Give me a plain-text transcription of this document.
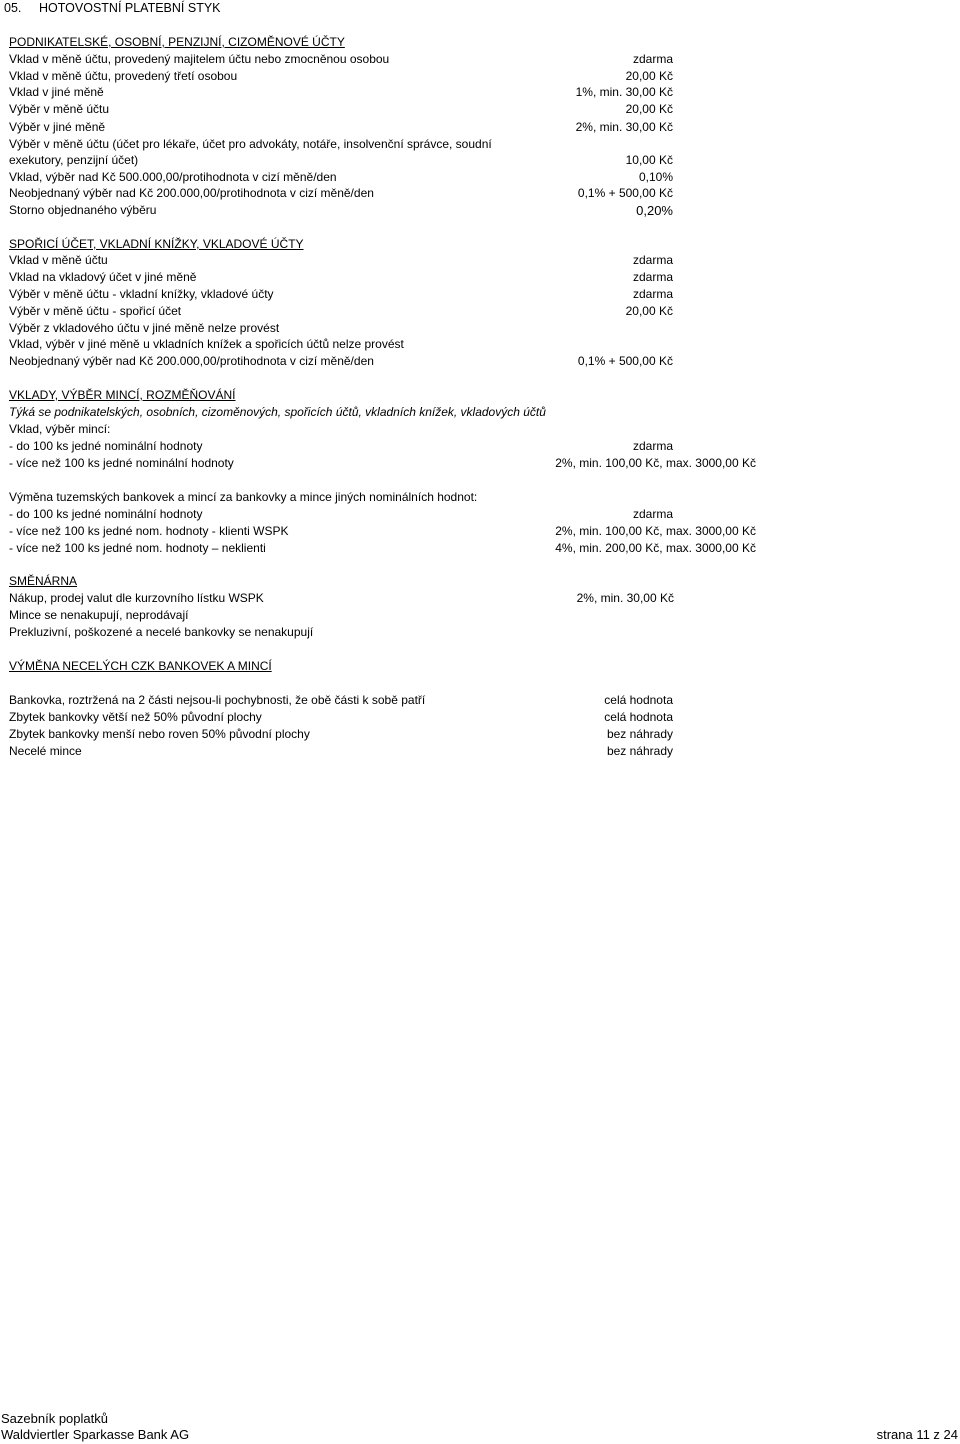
05. HOTOVOSTNÍ PLATEBNÍ STYK
PODNIKATELSKÉ, OSOBNÍ, PENZIJNÍ, CIZOMĚNOVÉ ÚČTY
Vklad v měně účtu, provedený majitelem účtu nebo zmocněnou osobou	zdarma
Vklad v měně účtu, provedený třetí osobou	20,00 Kč
Vklad v jiné měně	1%, min. 30,00 Kč
Výběr v měně účtu	20,00 Kč
Výběr v jiné měně	2%, min. 30,00 Kč
Výběr v měně účtu (účet pro lékaře, účet pro advokáty, notáře, insolvenční správce, soudní
exekutory, penzijní účet)	10,00 Kč
Vklad, výběr nad Kč 500.000,00/protihodnota v cizí měně/den	0,10%
Neobjednaný výběr nad Kč 200.000,00/protihodnota v cizí měně/den	0,1% + 500,00 Kč
Storno objednaného výběru	0,20%
SPOŘICÍ ÚČET, VKLADNÍ KNÍŽKY, VKLADOVÉ ÚČTY
Vklad v měně účtu	zdarma
Vklad na vkladový účet v jiné měně	zdarma
Výběr v měně účtu - vkladní knížky, vkladové účty	zdarma
Výběr v měně účtu - spořicí účet	20,00 Kč
Výběr z vkladového účtu v jiné měně nelze provést
Vklad, výběr v jiné měně u vkladních knížek a spořicích účtů nelze provést
Neobjednaný výběr nad Kč 200.000,00/protihodnota v cizí měně/den	0,1% + 500,00 Kč
VKLADY, VÝBĚR MINCÍ, ROZMĚŇOVÁNÍ
Týká se podnikatelských, osobních, cizoměnových, spořicích účtů, vkladních knížek, vkladových účtů
Vklad, výběr mincí:
- do 100 ks jedné nominální hodnoty	zdarma
- více než 100 ks jedné nominální hodnoty	2%, min. 100,00 Kč, max. 3000,00 Kč
Výměna tuzemských bankovek a mincí za bankovky a mince jiných nominálních hodnot:
- do 100 ks jedné nominální hodnoty	zdarma
- více než 100 ks jedné nom. hodnoty - klienti WSPK	2%, min. 100,00 Kč, max. 3000,00 Kč
- více než 100 ks jedné nom. hodnoty – neklienti	4%, min. 200,00 Kč, max. 3000,00 Kč
SMĚNÁRNA
Nákup, prodej valut dle kurzovního lístku WSPK	2%, min. 30,00 Kč
Mince se nenakupují, neprodávají
Prekluzivní, poškozené a necelé bankovky se nenakupují
VÝMĚNA NECELÝCH CZK BANKOVEK A MINCÍ
Bankovka, roztržená na 2 části nejsou-li pochybnosti, že obě části k sobě patří	celá hodnota
Zbytek bankovky větší než 50% původní plochy	celá hodnota
Zbytek bankovky menší nebo roven 50% původní plochy	bez náhrady
Necelé mince	bez náhrady
Sazebník poplatků
Waldviertler Sparkasse Bank AG	strana 11 z 24
